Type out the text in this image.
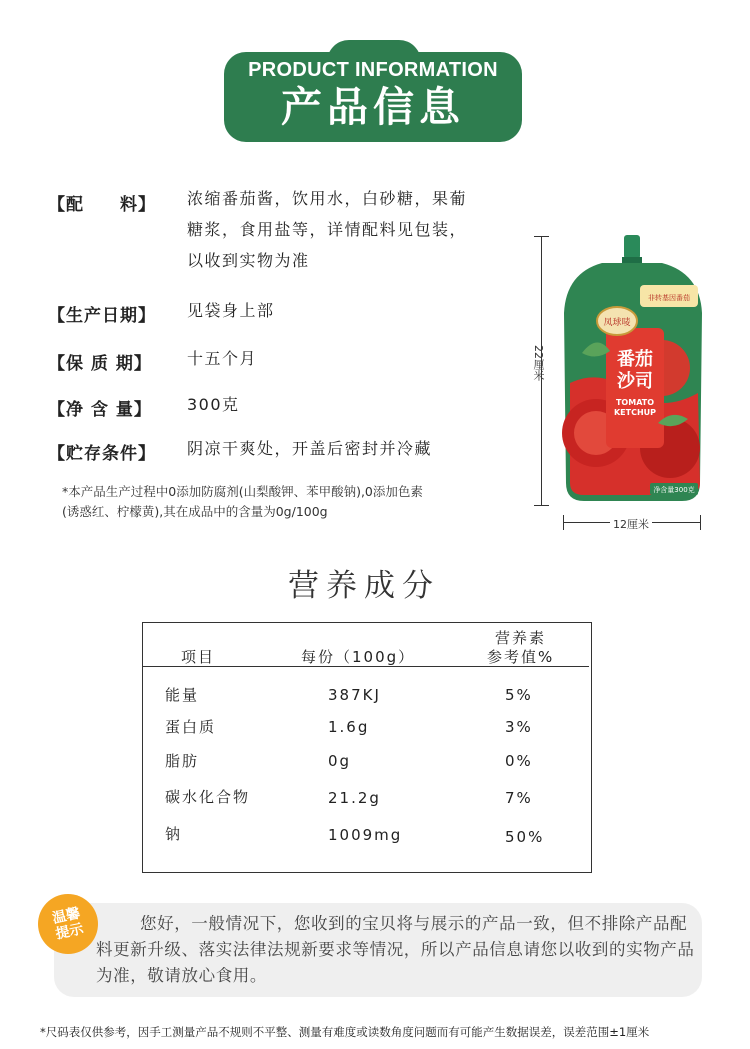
PRODUCT INFORMATION
产品信息
【配　　料】 浓缩番茄酱，饮用水，白砂糖，果葡
糖浆，食用盐等，详情配料见包装，
以收到实物为准
【生产日期】 见袋身上部
【保 质 期】 十五个月
【净 含 量】 300克
【贮存条件】 阴凉干爽处，开盖后密封并冷藏
*本产品生产过程中0添加防腐剂(山梨酸钾、苯甲酸钠),0添加色素
(诱惑红、柠檬黄),其在成品中的含量为0g/100g
22厘米
12厘米
凤球唛
非转基因番茄
番茄
沙司
TOMATO
KETCHUP
净含量300克
营养成分
项目	每份（100g）
营养素
参考值%
能量	387KJ	5%
蛋白质	1.6g	3%
脂肪	0g	0%
碳水化合物	21.2g	7%
钠	1009mg	50%
温馨
提示	您好，一般情况下，您收到的宝贝将与展示的产品一致，但不排除产品配料更新升级、落实法律法规新要求等情况，所以产品信息请您以收到的实物产品为准，敬请放心食用。
*尺码表仅供参考，因手工测量产品不规则不平整、测量有难度或读数角度问题而有可能产生数据误差，误差范围±1厘米
